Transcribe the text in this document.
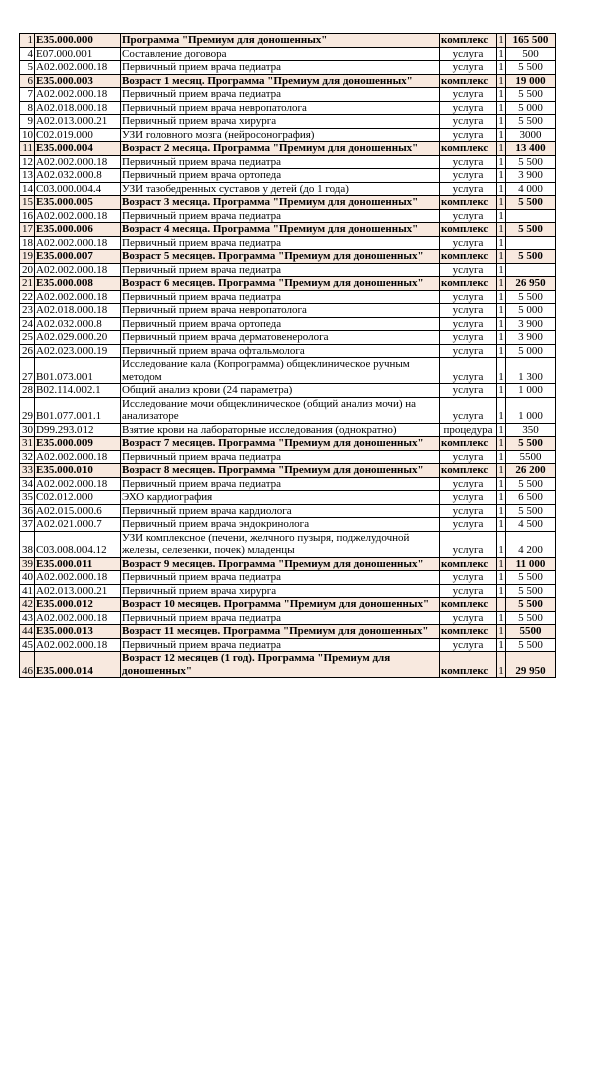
1	E35.000.000	Программа "Премиум для доношенных"	комплекс	1	165 500
4	E07.000.001	Составление договора	услуга	1	500
5	A02.002.000.18	Первичный прием врача педиатра	услуга	1	5 500
6	E35.000.003	Возраст 1 месяц. Программа "Премиум для доношенных"	комплекс	1	19 000
7	A02.002.000.18	Первичный прием врача педиатра	услуга	1	5 500
8	A02.018.000.18	Первичный прием врача невропатолога	услуга	1	5 000
9	A02.013.000.21	Первичный прием врача хирурга	услуга	1	5 500
10	C02.019.000	УЗИ головного мозга (нейросонография)	услуга	1	3000
11	E35.000.004	Возраст 2 месяца. Программа "Премиум для доношенных"	комплекс	1	13 400
12	A02.002.000.18	Первичный прием врача педиатра	услуга	1	5 500
13	A02.032.000.8	Первичный прием врача ортопеда	услуга	1	3 900
14	C03.000.004.4	УЗИ тазобедренных суставов у детей (до 1 года)	услуга	1	4 000
15	E35.000.005	Возраст 3 месяца. Программа "Премиум для доношенных"	комплекс	1	5 500
16	A02.002.000.18	Первичный прием врача педиатра	услуга	1	
17	E35.000.006	Возраст 4 месяца. Программа "Премиум для доношенных"	комплекс	1	5 500
18	A02.002.000.18	Первичный прием врача педиатра	услуга	1	
19	E35.000.007	Возраст 5 месяцев. Программа "Премиум для доношенных"	комплекс	1	5 500
20	A02.002.000.18	Первичный прием врача педиатра	услуга	1	
21	E35.000.008	Возраст 6 месяцев. Программа "Премиум для доношенных"	комплекс	1	26 950
22	A02.002.000.18	Первичный прием врача педиатра	услуга	1	5 500
23	A02.018.000.18	Первичный прием врача невропатолога	услуга	1	5 000
24	A02.032.000.8	Первичный прием врача ортопеда	услуга	1	3 900
25	A02.029.000.20	Первичный прием врача дерматовенеролога	услуга	1	3 900
26	A02.023.000.19	Первичный прием врача офтальмолога	услуга	1	5 000
27	B01.073.001	Исследование кала (Копрограмма) общеклиническое ручным методом	услуга	1	1 300
28	B02.114.002.1	Общий анализ крови (24 параметра)	услуга	1	1 000
29	B01.077.001.1	Исследование мочи общеклиническое (общий анализ мочи) на анализаторе	услуга	1	1 000
30	D99.293.012	Взятие крови на лабораторные исследования (однократно)	процедура	1	350
31	E35.000.009	Возраст 7 месяцев. Программа "Премиум для доношенных"	комплекс	1	5 500
32	A02.002.000.18	Первичный прием врача педиатра	услуга	1	5500
33	E35.000.010	Возраст 8 месяцев. Программа "Премиум для доношенных"	комплекс	1	26 200
34	A02.002.000.18	Первичный прием врача педиатра	услуга	1	5 500
35	C02.012.000	ЭХО кардиография	услуга	1	6 500
36	A02.015.000.6	Первичный прием врача кардиолога	услуга	1	5 500
37	A02.021.000.7	Первичный прием врача эндокринолога	услуга	1	4 500
38	C03.008.004.12	УЗИ комплексное (печени, желчного пузыря, поджелудочной железы, селезенки, почек) младенцы	услуга	1	4 200
39	E35.000.011	Возраст 9 месяцев. Программа "Премиум для доношенных"	комплекс	1	11 000
40	A02.002.000.18	Первичный прием врача педиатра	услуга	1	5 500
41	A02.013.000.21	Первичный прием врача хирурга	услуга	1	5 500
42	E35.000.012	Возраст 10 месяцев. Программа "Премиум для доношенных"	комплекс		5 500
43	A02.002.000.18	Первичный прием врача педиатра	услуга	1	5 500
44	E35.000.013	Возраст 11 месяцев. Программа "Премиум для доношенных"	комплекс	1	5500
45	A02.002.000.18	Первичный прием врача педиатра	услуга	1	5 500
46	E35.000.014	Возраст 12 месяцев (1 год). Программа "Премиум для доношенных"	комплекс	1	29 950
